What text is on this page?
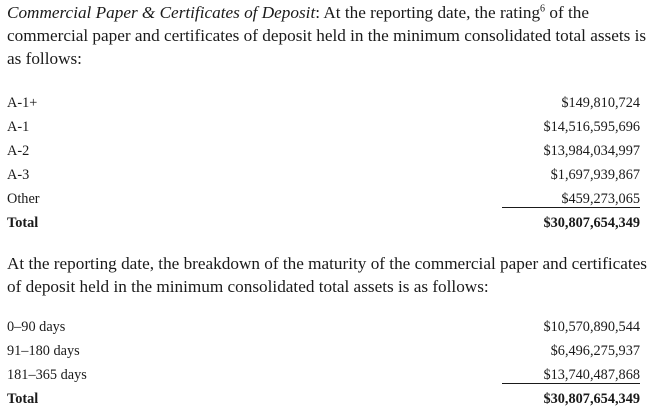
Commercial Paper & Certificates of Deposit: At the reporting date, the rating$^6$ of the commercial paper and certificates of deposit held in the minimum consolidated total assets is as follows:

A-1+	$149,810,724
A-1	$14,516,595,696
A-2	$13,984,034,997
A-3	$1,697,939,867
Other	$459,273,065
Total	$30,807,654,349

At the reporting date, the breakdown of the maturity of the commercial paper and certificates of deposit held in the minimum consolidated total assets is as follows:

0–90 days	$10,570,890,544
91–180 days	$6,496,275,937
181–365 days	$13,740,487,868
Total	$30,807,654,349
